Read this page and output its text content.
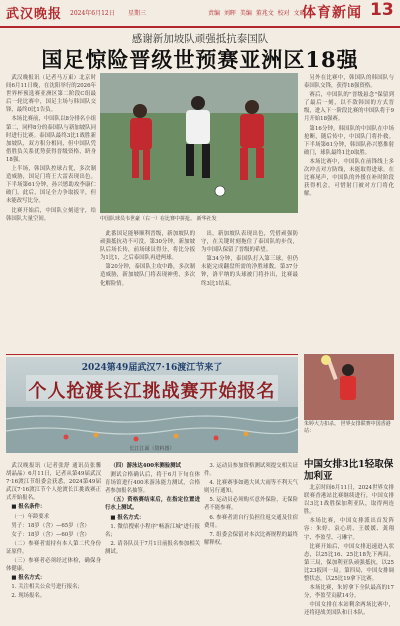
武汉晚报 2024年6月12日 星期三	责编 刘晖 美编 董兆文 校对 文晓
体育新闻 13
感谢新加坡队顽强抵抗泰国队
国足惊险晋级世预赛亚洲区18强

武汉晚报讯（记者马万東）北京时间6月11日晚，在沈阳举行的2026年世界杯预选赛亚洲区第二阶段C组最后一轮比赛中，国足主场与韩国队交锋，最终0比1告负。

本场比赛前，中国队以8分排名小组第二，同样8分的泰国队与新加坡队同时进行比赛。泰国队最终3比1战胜新加坡队，双方积分相同，但中国队凭借胜负关系优势获得晋级资格，跻身18强。

上半场，韩国队控球占优，多次制造威胁，国足门将王大雷表现出色。下半场第61分钟，孙兴慜助攻李康仁破门。此后，国足全力争取扳平，但未能改写比分。

比赛开始后，中国队立刻退守，给韩国队大量空间。	中国队球员韦世豪（右一）在比赛中拼抢。 新华社发

此番国足能够顺利晋级，新加坡队的顽强抵抗功不可没。第30分钟，新加坡队后场长传，前场球员得分，将比分扳为1比1，之后泰国队再进两球。

第20分钟，泰国队主攻中路，多次制造威胁，新加坡队门将表现神勇，多次化解险情。

出，新加坡队表现出色，凭借顽强防守，在关键时刻拖住了泰国队的步伐，为中国队保留了晋级的希望。

第34分钟，泰国队打入第三球，但仍未能完成翻盘所需的净胜球数。第37分钟，洛平纳的头球被门将扑出，比赛最终3比1结束。

另外在比赛中，韩国队的韩国队与泰国队交锋，获得18强资格。

赛后，中国队的"晋级悬念"保留到了最后一刻，以不敌韩国的方式晋级，进入下一阶段比赛的中国队将于9月开始18强赛。

第16分钟，韩国队的中国队在中场抢断，随后传中，中国队门将扑救。下半场第61分钟，韩国队孙兴慜推射破门，球队最终1比0取胜。

本场比赛中，中国队在前锋线上多次冲击对方防线，未能取得进球。在比赛尾声，中国队的外援在补时阶段获得机会，可惜射门被对方门将化解。

2024第49届武汉7·16渡江节来了
个人抢渡长江挑战赛开始报名
长江江面（资料图）

武汉晚报讯（记者张舒 通讯员张馨 胡晶晶）6月11日，记者从第49届武汉7·16渡江节组委会获悉，2024第49届武汉7·16渡江节个人抢渡长江挑战赛正式开始报名。

■ 报名条件：

（一）年龄要求

男子：18岁（含）—65岁（含）

女子：18岁（含）—60岁（含）

（二）参赛者需持有本人第二代身份证原件。

（三）参赛者必须经过体检，确保身体健康。

■ 报名方式：

1. 关注相关公众号进行报名；

2. 现场报名。

（四）游泳达400米测验测试

测试合格确认后，将于6月下旬在体育场馆进行400米游泳能力测试，合格者参加报名抽签。

（五）资格赛结束后，在指定位置进行水上测试。

■ 报名方式：

1. 微信搜索小程序"畅游江城"进行报名；

2. 请各队员于7月1日前报名参加相关测试。

3. 运动员参加资格测试须提交相关证件。

4. 比赛赛事如遇大风大雨等不利天气则另行通知。

5. 运动员必须购买意外保险，无保险者不能参赛。

6. 参赛者需自行负担往返交通及住宿费用。

7. 组委会保留对本次比赛规程的最终解释权。

朱婷大力扣杀。 世界女排联赛中国香港站：
中国女排3比1轻取保加利亚

北京时间6月11日，2024世界女排联赛香港站比赛继续进行，中国女排以3比1战胜保加利亚队，取得两连胜。

本场比赛，中国女排派出首发阵容：朱婷、袁心玥、王媛媛、龚翔宇、李盈莹、刁琳宇。

比赛开始后，中国女排迅速进入状态，以25比16、25比18先下两局。第三局，保加利亚队顽强抵抗，以25比23扳回一局。第四局，中国女排调整状态，以25比19拿下比赛。

本场比赛，朱婷拿下全队最高的17分，李盈莹贡献14分。

中国女排在本站剩余两场比赛中，还将迎战美国队和日本队。
